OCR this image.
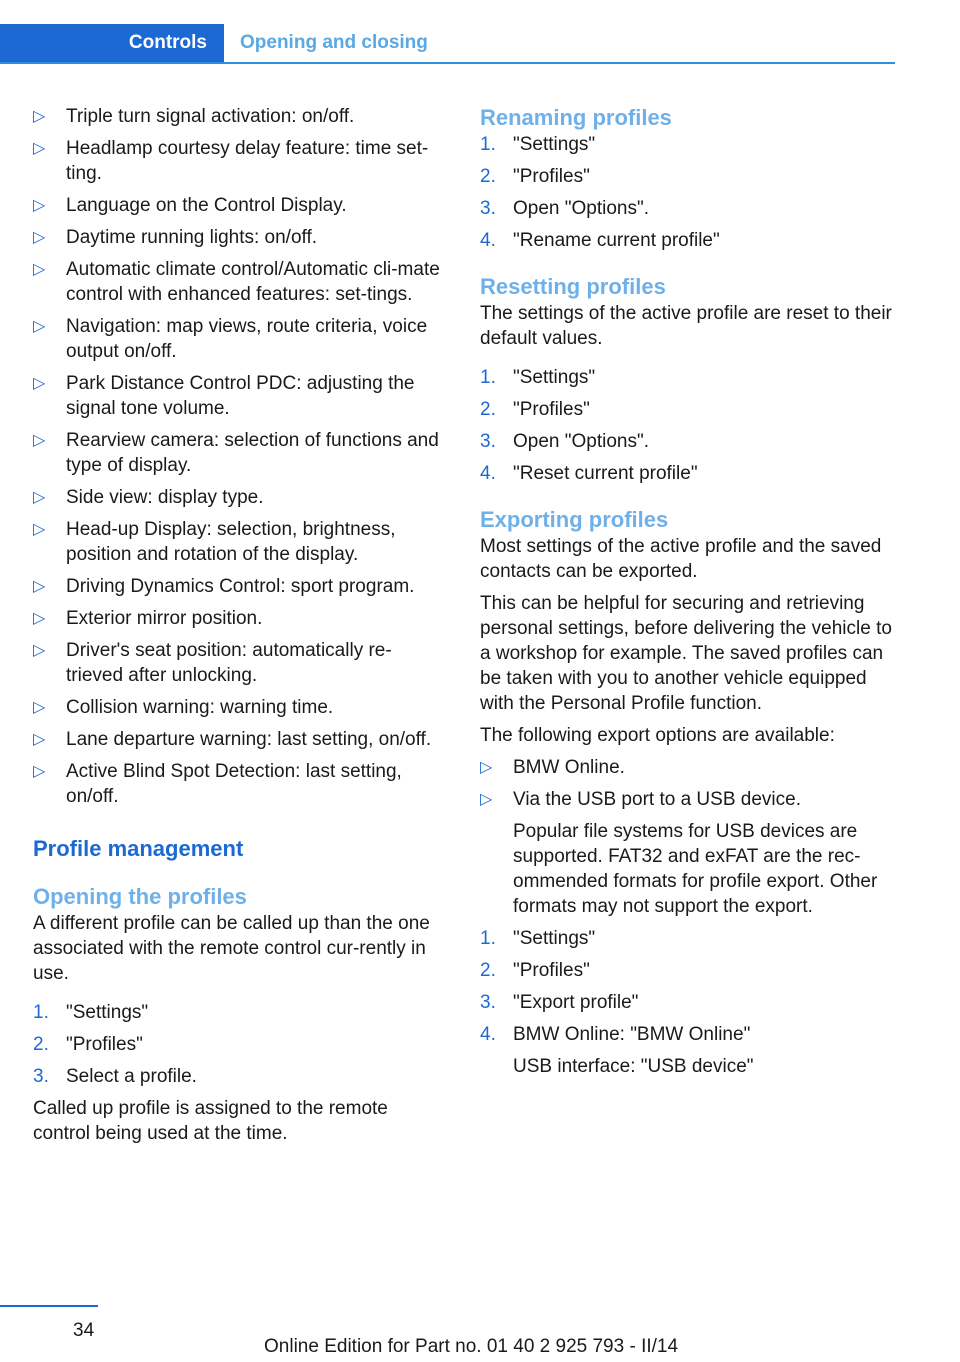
Controls	Opening and closing
▷ Triple turn signal activation: on/off.
▷ Headlamp courtesy delay feature: time set‐ting.
▷ Language on the Control Display.
▷ Daytime running lights: on/off.
▷ Automatic climate control/Automatic cli‐mate control with enhanced features: set‐tings.
▷ Navigation: map views, route criteria, voice output on/off.
▷ Park Distance Control PDC: adjusting the signal tone volume.
▷ Rearview camera: selection of functions and type of display.
▷ Side view: display type.
▷ Head-up Display: selection, brightness, position and rotation of the display.
▷ Driving Dynamics Control: sport program.
▷ Exterior mirror position.
▷ Driver's seat position: automatically re‐trieved after unlocking.
▷ Collision warning: warning time.
▷ Lane departure warning: last setting, on/off.
▷ Active Blind Spot Detection: last setting, on/off.
Profile management
Opening the profiles

A different profile can be called up than the one associated with the remote control cur‐rently in use.

1. "Settings"
2. "Profiles"
3. Select a profile.

Called up profile is assigned to the remote control being used at the time.

Renaming profiles
1. "Settings"
2. "Profiles"
3. Open "Options".
4. "Rename current profile"
Resetting profiles

The settings of the active profile are reset to their default values.

1. "Settings"
2. "Profiles"
3. Open "Options".
4. "Reset current profile"
Exporting profiles

Most settings of the active profile and the saved contacts can be exported.

This can be helpful for securing and retrieving personal settings, before delivering the vehicle to a workshop for example. The saved profiles can be taken with you to another vehicle equipped with the Personal Profile function.

The following export options are available:

▷ BMW Online.
▷ Via the USB port to a USB device.
Popular file systems for USB devices are supported. FAT32 and exFAT are the rec‐ommended formats for profile export. Other formats may not support the export.
1. "Settings"
2. "Profiles"
3. "Export profile"
4. BMW Online: "BMW Online"
USB interface: "USB device"
34
Online Edition for Part no. 01 40 2 925 793 - II/14
